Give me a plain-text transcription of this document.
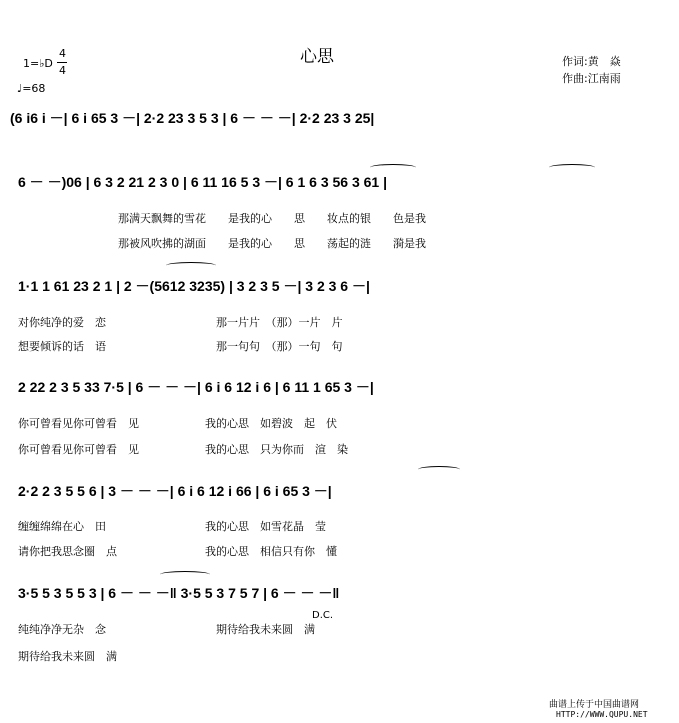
心思
1=♭D
4
4
♩=68
作词:黄　焱
作曲:江南雨
(6 i6 i －| 6 i 65 3 －| 2·2 23 3 5 3 | 6 － － －| 2·2 23 3 25|
6 － －)06 | 6 3 2 21 2 3 0 | 6 11 16 5 3 －| 6 1 6 3 56 3 61 |
那满天飘舞的雪花　　是我的心　　思　　妆点的银　　色是我
那被风吹拂的湖面　　是我的心　　思　　荡起的涟　　漪是我
1·1 1 61 23 2 1 | 2 －(5612 3235) | 3 2 3 5 －| 3 2 3 6 －|
对你纯净的爱　恋　　　　　　　　　　那一片片　（那）一片　片
想要倾诉的话　语　　　　　　　　　　那一句句　（那）一句　句
2 22 2 3 5 33 7·5 | 6 － － －| 6 i 6 12 i 6 | 6 11 1 65 3 －|
你可曾看见你可曾看　见　　　　　　我的心思　如碧波　起　伏
你可曾看见你可曾看　见　　　　　　我的心思　只为你而　渲　染
2·2 2 3 5 5 6 | 3 － － －| 6 i 6 12 i 66 | 6 i 65 3 －|
缠缠绵绵在心　田　　　　　　　　　我的心思　如雪花晶　莹
请你把我思念圈　点　　　　　　　　我的心思　相信只有你　懂
3·5 5 3 5 5 3 | 6 － － －‖ 3·5 5 3 7 5 7 | 6 － － －‖
D.C.
纯纯净净无杂　念　　　　　　　　　　期待给我未来圆　满
期待给我未来圆　满
曲谱上传于中国曲谱网
HTTP://WWW.QUPU.NET
